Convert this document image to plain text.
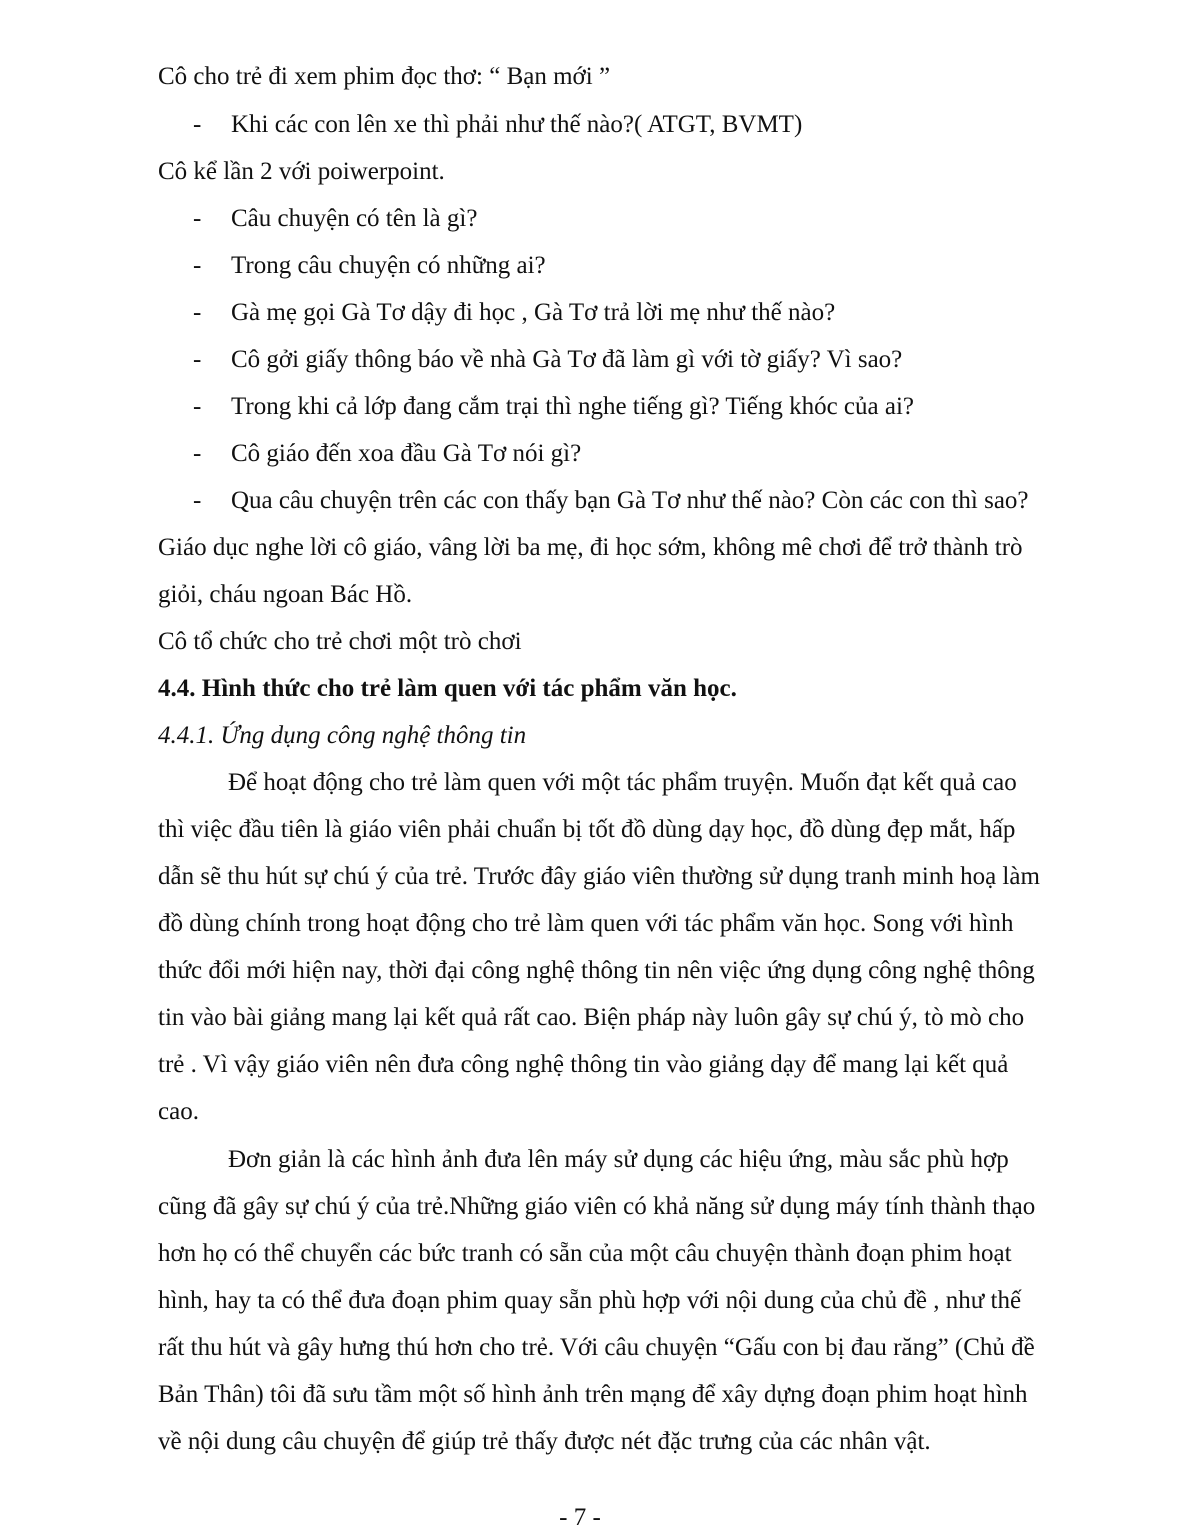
Cô cho trẻ đi xem phim đọc thơ: “ Bạn mới ”
- Khi các con lên xe thì phải như thế nào?( ATGT, BVMT)
Cô kể lần 2 với poiwerpoint.
- Câu chuyện có tên là gì?
- Trong câu chuyện có những ai?
- Gà mẹ gọi Gà Tơ dậy đi học , Gà Tơ trả lời mẹ như thế nào?
- Cô gởi giấy thông báo về nhà Gà Tơ đã làm gì với tờ giấy? Vì sao?
- Trong khi cả lớp đang cắm trại thì nghe tiếng gì? Tiếng khóc của ai?
- Cô giáo đến xoa đầu Gà Tơ nói gì?
- Qua câu chuyện trên các con thấy bạn Gà Tơ như thế nào? Còn các con thì sao?
Giáo dục nghe lời cô giáo, vâng lời ba mẹ, đi học sớm, không mê chơi để trở thành trò
giỏi, cháu ngoan Bác Hồ.
Cô tổ chức cho trẻ chơi một trò chơi
4.4. Hình thức cho trẻ làm quen với tác phẩm văn học.
4.4.1. Ứng dụng công nghệ thông tin
Để hoạt động cho trẻ làm quen với một tác phẩm truyện. Muốn đạt kết quả cao
thì việc đầu tiên là giáo viên phải chuẩn bị tốt đồ dùng dạy học, đồ dùng đẹp mắt, hấp
dẫn sẽ thu hút sự chú ý của trẻ. Trước đây giáo viên thường sử dụng tranh minh hoạ làm
đồ dùng chính trong hoạt động cho trẻ làm quen với tác phẩm văn học. Song với hình
thức đổi mới hiện nay, thời đại công nghệ thông tin nên việc ứng dụng công nghệ thông
tin vào bài giảng mang lại kết quả rất cao. Biện pháp này luôn gây sự chú ý, tò mò cho
trẻ . Vì vậy giáo viên nên đưa công nghệ thông tin vào giảng dạy để mang lại kết quả
cao.
Đơn giản là các hình ảnh đưa lên máy sử dụng các hiệu ứng, màu sắc phù hợp
cũng đã gây sự chú ý của trẻ.Những giáo viên có khả năng sử dụng máy tính thành thạo
hơn họ có thể chuyển các bức tranh có sẵn của một câu chuyện thành đoạn phim hoạt
hình, hay ta có thể đưa đoạn phim quay sẵn phù hợp với nội dung của chủ đề , như thế
rất thu hút và gây hưng thú hơn cho trẻ. Với câu chuyện “Gấu con bị đau răng” (Chủ đề
Bản Thân) tôi đã sưu tầm một số hình ảnh trên mạng để xây dựng đoạn phim hoạt hình
về nội dung câu chuyện để giúp trẻ thấy được nét đặc trưng của các nhân vật.
- 7 -
